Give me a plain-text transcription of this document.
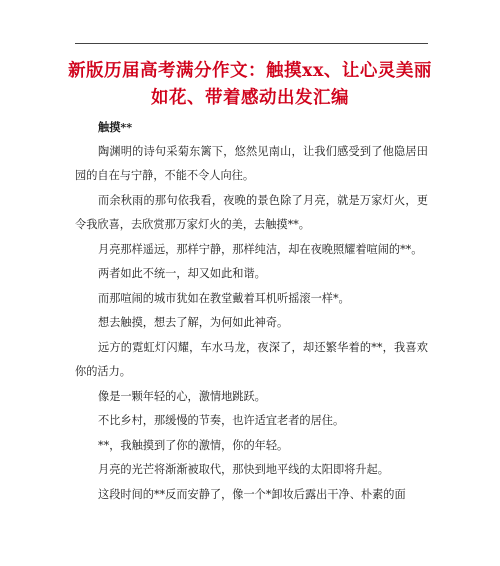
新版历届高考满分作文：触摸xx、让心灵美丽如花、带着感动出发汇编

触摸**

陶渊明的诗句采菊东篱下，悠然见南山，让我们感受到了他隐居田园的自在与宁静，不能不令人向往。

而余秋雨的那句依我看，夜晚的景色除了月亮，就是万家灯火，更令我欣喜，去欣赏那万家灯火的美，去触摸**。

月亮那样遥远，那样宁静，那样纯洁，却在夜晚照耀着喧闹的**。

两者如此不统一，却又如此和谐。

而那喧闹的城市犹如在教堂戴着耳机听摇滚一样*。

想去触摸，想去了解，为何如此神奇。

远方的霓虹灯闪耀，车水马龙，夜深了，却还繁华着的**，我喜欢你的活力。

像是一颗年轻的心，激情地跳跃。

不比乡村，那缓慢的节奏，也许适宜老者的居住。

**，我触摸到了你的激情，你的年轻。

月亮的光芒将渐渐被取代，那快到地平线的太阳即将升起。

这段时间的**反而安静了，像一个*卸妆后露出干净、朴素的面
